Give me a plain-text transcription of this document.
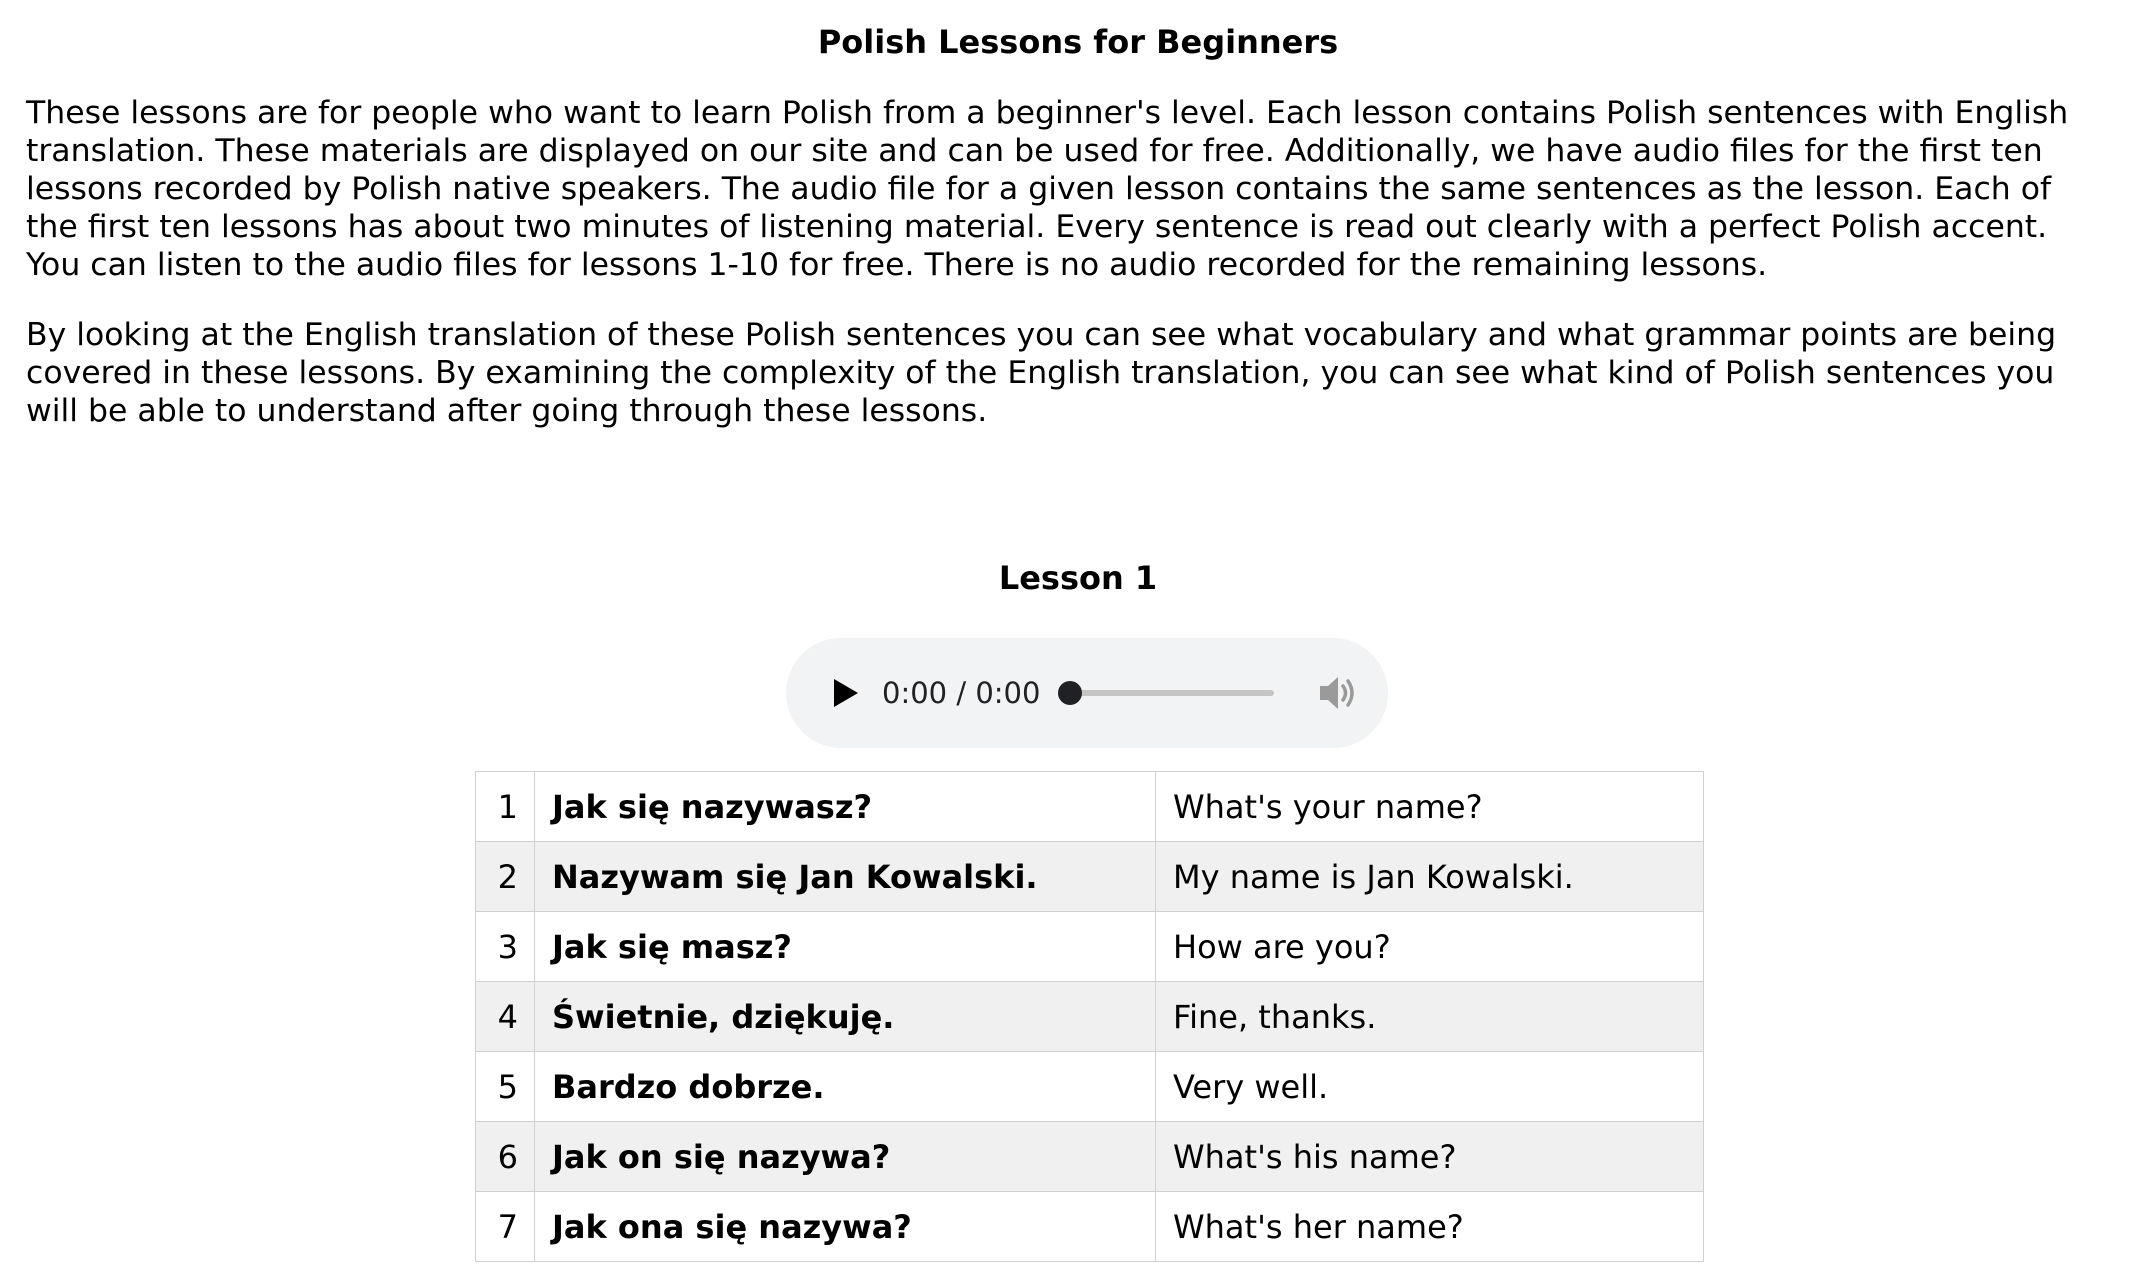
Polish Lessons for Beginners

These lessons are for people who want to learn Polish from a beginner's level. Each lesson contains Polish sentences with English
translation. These materials are displayed on our site and can be used for free. Additionally, we have audio files for the first ten
lessons recorded by Polish native speakers. The audio file for a given lesson contains the same sentences as the lesson. Each of
the first ten lessons has about two minutes of listening material. Every sentence is read out clearly with a perfect Polish accent.
You can listen to the audio files for lessons 1-10 for free. There is no audio recorded for the remaining lessons.

By looking at the English translation of these Polish sentences you can see what vocabulary and what grammar points are being
covered in these lessons. By examining the complexity of the English translation, you can see what kind of Polish sentences you
will be able to understand after going through these lessons.

Lesson 1
0:00 / 0:00
1	Jak się nazywasz?	What's your name?
2	Nazywam się Jan Kowalski.	My name is Jan Kowalski.
3	Jak się masz?	How are you?
4	Świetnie, dziękuję.	Fine, thanks.
5	Bardzo dobrze.	Very well.
6	Jak on się nazywa?	What's his name?
7	Jak ona się nazywa?	What's her name?
